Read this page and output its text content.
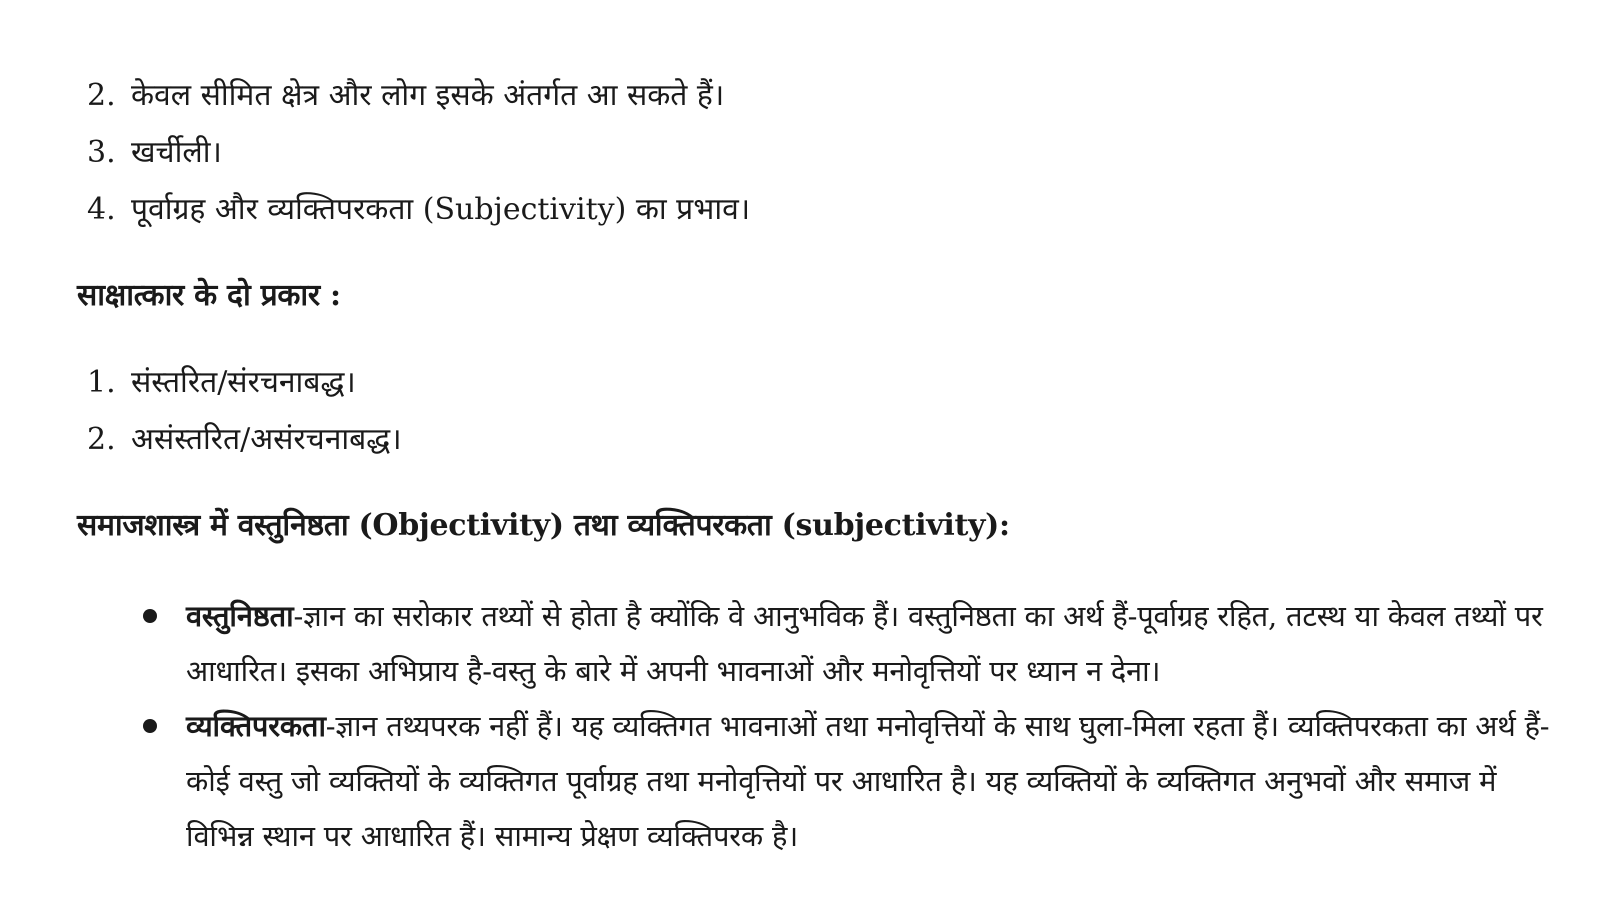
2. केवल सीमित क्षेत्र और लोग इसके अंतर्गत आ सकते हैं।
3. खर्चीली।
4. पूर्वाग्रह और व्यक्तिपरकता (Subjectivity) का प्रभाव।
साक्षात्कार के दो प्रकार :
1. संस्तरित/संरचनाबद्ध।
2. असंस्तरित/असंरचनाबद्ध।
समाजशास्त्र में वस्तुनिष्ठता (Objectivity) तथा व्यक्तिपरकता (subjectivity):
वस्तुनिष्ठता-ज्ञान का सरोकार तथ्यों से होता है क्योंकि वे आनुभविक हैं। वस्तुनिष्ठता का अर्थ हैं-पूर्वाग्रह रहित, तटस्थ या केवल तथ्यों पर आधारित। इसका अभिप्राय है-वस्तु के बारे में अपनी भावनाओं और मनोवृत्तियों पर ध्यान न देना।
व्यक्तिपरकता-ज्ञान तथ्यपरक नहीं हैं। यह व्यक्तिगत भावनाओं तथा मनोवृत्तियों के साथ घुला-मिला रहता हैं। व्यक्तिपरकता का अर्थ हैं-कोई वस्तु जो व्यक्तियों के व्यक्तिगत पूर्वाग्रह तथा मनोवृत्तियों पर आधारित है। यह व्यक्तियों के व्यक्तिगत अनुभवों और समाज में विभिन्न स्थान पर आधारित हैं। सामान्य प्रेक्षण व्यक्तिपरक है।
